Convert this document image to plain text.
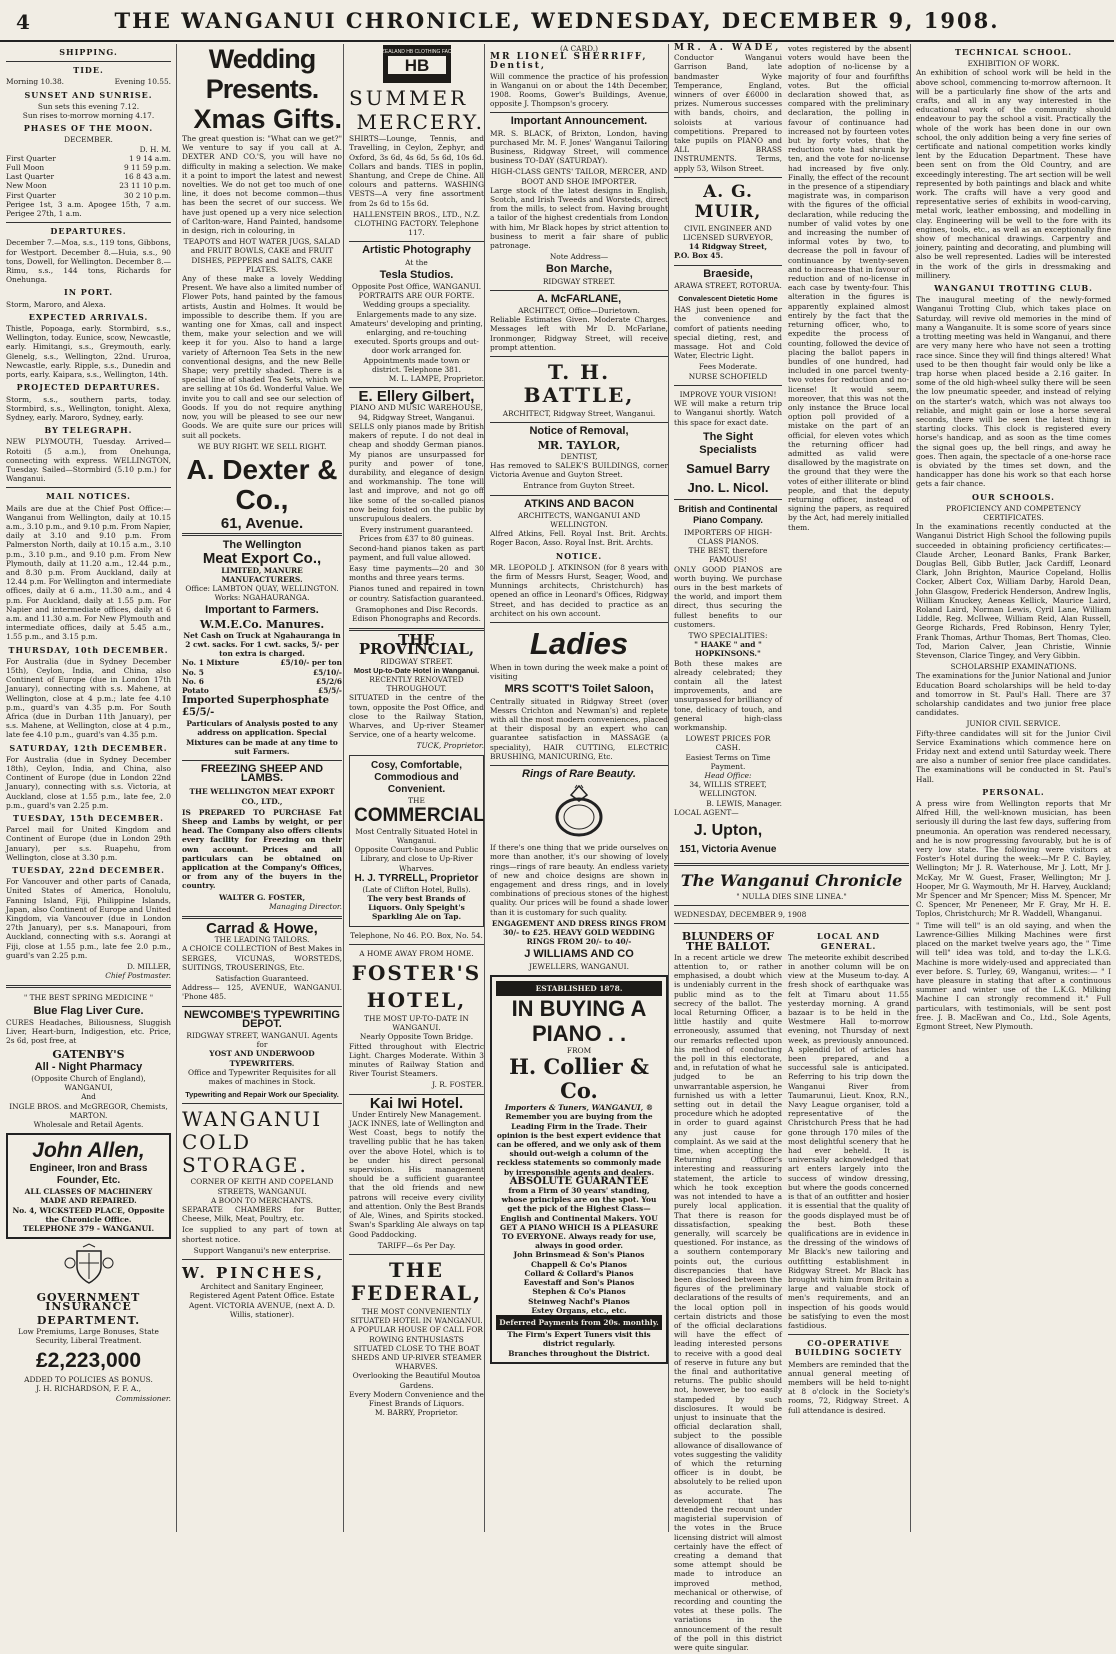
4	THE WANGANUI CHRONICLE, WEDNESDAY, DECEMBER 9, 1908.
SHIPPING.
TIDE.
Morning 10.38.	Evening 10.55.
SUNSET AND SUNRISE.
Sun sets this evening 7.12.
Sun rises to-morrow morning 4.17.
PHASES OF THE MOON.
DECEMBER.
D. H. M.
First Quarter	1 9 14 a.m.
Full Moon	9 11 59 p.m.
Last Quarter	16 8 43 a.m.
New Moon	23 11 10 p.m.
First Quarter	30 2 10 p.m.
Perigee 1st, 3 a.m. Apogee 15th, 7 a.m. Perigee 27th, 1 a.m.
DEPARTURES.
December 7.—Moa, s.s., 119 tons, Gibbons, for Westport. December 8.—Huia, s.s., 90 tons, Dowell, for Wellington. December 8.—Rimu, s.s., 144 tons, Richards for Onehunga.
IN PORT.
Storm, Maroro, and Alexa.
EXPECTED ARRIVALS.
Thistle, Popoaga, early. Stormbird, s.s., Wellington, today. Eunice, scow, Newcastle, early. Himitangi, s.s., Greymouth, early. Glenelg, s.s., Wellington, 22nd. Ururoa, Newcastle, early. Ripple, s.s., Dunedin and ports, early. Kaipara, s.s., Wellington, 14th.
PROJECTED DEPARTURES.
Storm, s.s., southern parts, today. Stormbird, s.s., Wellington, tonight. Alexa, Sydney, early. Maroro, Sydney, early.
BY TELEGRAPH.
NEW PLYMOUTH, Tuesday. Arrived—Rotoiti (5 a.m.), from Onehunga, connecting with express. WELLINGTON, Tuesday. Sailed—Stormbird (5.10 p.m.) for Wanganui.
MAIL NOTICES.
Mails are due at the Chief Post Office:— Wanganui from Wellington, daily at 10.15 a.m., 3.10 p.m., and 9.10 p.m. From Napier, daily at 3.10 and 9.10 p.m. From Palmerston North, daily at 10.15 a.m., 3.10 p.m., 3.10 p.m., and 9.10 p.m. From New Plymouth, daily at 11.20 a.m., 12.44 p.m., and 8.30 p.m. From Auckland, daily at 12.44 p.m. For Wellington and intermediate offices, daily at 6 a.m., 11.30 a.m., and 4 p.m. For Auckland, daily at 1.55 p.m. For Napier and intermediate offices, daily at 6 a.m. and 11.30 a.m. For New Plymouth and intermediate offices, daily at 5.45 a.m., 1.55 p.m., and 3.15 p.m.
THURSDAY, 10th DECEMBER.
For Australia (due in Sydney December 15th), Ceylon, India, and China, also Continent of Europe (due in London 17th January), connecting with s.s. Mahene, at Wellington, close at 4 p.m.; late fee 4.10 p.m., guard's van 4.35 p.m. For South Africa (due in Durban 11th January), per s.s. Mahene, at Wellington, close at 4 p.m., late fee 4.10 p.m., guard's van 4.35 p.m.
SATURDAY, 12th DECEMBER.
For Australia (due in Sydney December 18th), Ceylon, India, and China, also Continent of Europe (due in London 22nd January), connecting with s.s. Victoria, at Auckland, close at 1.55 p.m., late fee, 2.0 p.m., guard's van 2.25 p.m.
TUESDAY, 15th DECEMBER.
Parcel mail for United Kingdom and Continent of Europe (due in London 29th January), per s.s. Ruapehu, from Wellington, close at 3.30 p.m.
TUESDAY, 22nd DECEMBER.
For Vancouver and other parts of Canada, United States of America, Honolulu, Fanning Island, Fiji, Philippine Islands, Japan, also Continent of Europe and United Kingdom, via Vancouver (due in London 27th January), per s.s. Manapouri, from Auckland, connecting with s.s. Aorangi at Fiji, close at 1.55 p.m., late fee 2.0 p.m., guard's van 2.25 p.m.
D. MILLER,
Chief Postmaster.
" THE BEST SPRING MEDICINE "
Blue Flag Liver Cure.
CURES Headaches, Biliousness, Sluggish Liver, Heart-burn, Indigestion, etc. Price, 2s 6d, post free, at
GATENBY'S
All - Night Pharmacy
(Opposite Church of England), WANGANUI,
And
INGLE BROS. and McGREGOR, Chemists, MARTON.
Wholesale and Retail Agents.
John Allen,
Engineer, Iron and Brass Founder, Etc.
ALL CLASSES OF MACHINERY MADE AND REPAIRED.
No. 4, WICKSTEED PLACE, Opposite the Chronicle Office.
TELEPHONE 379 - WANGANUI.
GOVERNMENT INSURANCE
DEPARTMENT.
Low Premiums, Large Bonuses, State Security, Liberal Treatment.
£2,223,000
ADDED TO POLICIES AS BONUS.
J. H. RICHARDSON, F. F. A.,
Commissioner.
Wedding Presents.
Xmas Gifts.
The great question is: "What can we get?" We venture to say if you call at A. DEXTER AND CO.'S, you will have no difficulty in making a selection. We make it a point to import the latest and newest novelties. We do not get too much of one line, it does not become common—thus has been the secret of our success. We have just opened up a very nice selection of Carlton-ware, Hand Painted, handsome in design, rich in colouring, in
TEAPOTS and HOT WATER JUGS, SALAD and FRUIT BOWLS, CAKE and FRUIT DISHES, PEPPERS and SALTS, CAKE PLATES.
Any of these make a lovely Wedding Present. We have also a limited number of Flower Pots, hand painted by the famous artists, Austin and Holmes. It would be impossible to describe them. If you are wanting one for Xmas, call and inspect them, make your selection and we will keep it for you. Also to hand a large variety of Afternoon Tea Sets in the new conventional designs, and the new Belle Shape; very prettily shaded. There is a special line of shaded Tea Sets, which we are selling at 10s 6d. Wonderful Value. We invite you to call and see our selection of Goods. If you do not require anything now, you will be pleased to see our new Goods. We are quite sure our prices will suit all pockets.
WE BUY RIGHT. WE SELL RIGHT.
A. Dexter & Co.,
61, Avenue.
The Wellington
Meat Export Co.,
LIMITED, MANURE MANUFACTURERS.
Office: LAMBTON QUAY, WELLINGTON. Works: NGAHAURANGA.
Important to Farmers.
W.M.E.Co. Manures.
Net Cash on Truck at Ngahauranga in 2 cwt. sacks. For 1 cwt. sacks, 5/- per ton extra is charged.
No. 1 Mixture	£5/10/- per ton
No. 5	£5/10/-
No. 6	£5/2/6
Potato	£5/5/-
Imported Superphosphate £5/5/-
Particulars of Analysis posted to any address on application. Special Mixtures can be made at any time to suit Farmers.
FREEZING SHEEP AND LAMBS.
THE WELLINGTON MEAT EXPORT CO., LTD.,
IS PREPARED TO PURCHASE Fat Sheep and Lambs by weight, or per head. The Company also offers clients every facility for Freezing on their own account. Prices and all particulars can be obtained on application at the Company's Offices, or from any of the buyers in the country.
WALTER G. FOSTER,
Managing Director.
Carrad & Howe,
THE LEADING TAILORS.
A CHOICE COLLECTION of Best Makes in SERGES, VICUNAS, WORSTEDS, SUITINGS, TROUSERINGS, Etc.
Satisfaction Guaranteed.
Address— 125, AVENUE, WANGANUI. 'Phone 485.
NEWCOMBE'S TYPEWRITING DEPOT.
RIDGWAY STREET, WANGANUI. Agents for
YOST AND UNDERWOOD TYPEWRITERS.
Office and Typewriter Requisites for all makes of machines in Stock.
Typewriting and Repair Work our Speciality.
WANGANUI
COLD
STORAGE.
CORNER OF KEITH AND COPELAND STREETS, WANGANUI.
A BOON TO MERCHANTS.
SEPARATE CHAMBERS for Butter, Cheese, Milk, Meat, Poultry, etc.
Ice supplied to any part of town at shortest notice.
Support Wanganui's new enterprise.
W. PINCHES,
Architect and Sanitary Engineer, Registered Agent Patent Office. Estate Agent. VICTORIA AVENUE, (next A. D. Willis, stationer).
HB
NEW ZEALAND HB CLOTHING FACTORY
SUMMER
MERCERY.
SHIRTS—Lounge, Tennis, and Travelling, in Ceylon, Zephyr, and Oxford, 3s 6d, 4s 6d, 5s 6d, 10s 6d. Collars and bands. TIES in poplin, Shantung, and Crepe de Chine. All colours and patterns. WASHING VESTS—A very fine assortment from 2s 6d to 15s 6d.
HALLENSTEIN BROS., LTD., N.Z. CLOTHING FACTORY. Telephone 117.
Artistic Photography
At the
Tesla Studios.
Opposite Post Office, WANGANUI. PORTRAITS ARE OUR FORTE. Wedding groups a speciality. Enlargements made to any size. Amateurs' developing and printing, enlarging, and re-touching executed. Sports groups and out-door work arranged for. Appointments made town or district. Telephone 381.
M. L. LAMPE, Proprietor.
E. Ellery Gilbert,
PIANO AND MUSIC WAREHOUSE,
94, Ridgway Street, Wanganui.
SELLS only pianos made by British makers of repute. I do not deal in cheap and shoddy German pianos. My pianos are unsurpassed for purity and power of tone, durability, and elegance of design and workmanship. The tone will last and improve, and not go off like some of the so-called pianos now being foisted on the public by unscrupulous dealers.
Every instrument guaranteed.
Prices from £37 to 80 guineas.
Second-hand pianos taken as part payment, and full value allowed.
Easy time payments—20 and 30 months and three years terms.
Pianos tuned and repaired in town or country. Satisfaction guaranteed.
Gramophones and Disc Records. Edison Phonographs and Records.
THE PROVINCIAL,
RIDGWAY STREET.
Most Up-to-Date Hotel in Wanganui.
RECENTLY RENOVATED THROUGHOUT.
SITUATED in the centre of the town, opposite the Post Office, and close to the Railway Station, Wharves, and Up-river Steamer Service, one of a hearty welcome.
TUCK, Proprietor.
Cosy, Comfortable, Commodious and Convenient.
THE
COMMERCIAL
Most Centrally Situated Hotel in Wanganui.
Opposite Court-house and Public Library, and close to Up-River Wharves.
H. J. TYRRELL, Proprietor
(Late of Clifton Hotel, Bulls).
The very best Brands of Liquors. Only Speight's Sparkling Ale on Tap.
Telephone, No 46. P.O. Box, No. 54.
A HOME AWAY FROM HOME.
FOSTER'S
HOTEL,
THE MOST UP-TO-DATE IN WANGANUI.
Nearly Opposite Town Bridge.
Fitted throughout with Electric Light. Charges Moderate. Within 3 minutes of Railway Station and River Tourist Steamers.
J. R. FOSTER.
Kai Iwi Hotel.
Under Entirely New Management.
JACK INNES, late of Wellington and West Coast, begs to notify the travelling public that he has taken over the above Hotel, which is to be under his direct personal supervision. His management should be a sufficient guarantee that the old friends and new patrons will receive every civility and attention. Only the Best Brands of Ale, Wines, and Spirits stocked. Swan's Sparkling Ale always on tap Good Paddocking.
TARIFF—6s Per Day.
THE FEDERAL,
THE MOST CONVENIENTLY SITUATED HOTEL IN WANGANUI.
A POPULAR HOUSE OF CALL FOR ROWING ENTHUSIASTS
SITUATED CLOSE TO THE BOAT SHEDS AND UP-RIVER STEAMER WHARVES.
Overlooking the Beautiful Moutoa Gardens.
Every Modern Convenience and the Finest Brands of Liquors.
M. BARRY, Proprietor.
(A CARD.)
MR LIONEL SHERRIFF, Dentist,
Will commence the practice of his profession in Wanganui on or about the 14th December, 1908. Rooms, Gower's Buildings, Avenue, opposite J. Thompson's grocery.
Important Announcement.
MR. S. BLACK, of Brixton, London, having purchased Mr. M. F. Jones' Wanganui Tailoring Business, Ridgway Street, will commence business TO-DAY (SATURDAY).
HIGH-CLASS GENTS' TAILOR, MERCER, AND BOOT AND SHOE IMPORTER.
Large stock of the latest designs in English, Scotch, and Irish Tweeds and Worsteds, direct from the mills, to select from. Having brought a tailor of the highest credentials from London with him, Mr Black hopes by strict attention to business to merit a fair share of public patronage.
Note Address—
Bon Marche,
RIDGWAY STREET.
A. McFARLANE,
ARCHITECT, Office—Durietown.
Reliable Estimates Given. Moderate Charges. Messages left with Mr D. McFarlane, Ironmonger, Ridgway Street, will receive prompt attention.
T. H. BATTLE,
ARCHITECT, Ridgway Street, Wanganui.
Notice of Removal,
MR. TAYLOR,
DENTIST,
Has removed to SALEK'S BUILDINGS, corner Victoria Avenue and Guyton Street.
Entrance from Guyton Street.
ATKINS AND BACON
ARCHITECTS, WANGANUI AND WELLINGTON.
Alfred Atkins, Fell. Royal Inst. Brit. Archts. Roger Bacon, Asso. Royal Inst. Brit. Archts.
NOTICE.
MR. LEOPOLD J. ATKINSON (for 8 years with the firm of Messrs Hurst, Seager, Wood, and Munnings architects, Christchurch) has opened an office in Leonard's Offices, Ridgway Street, and has decided to practice as an architect on his own account.
Ladies
When in town during the week make a point of visiting
MRS SCOTT'S Toilet Saloon,
Centrally situated in Ridgway Street (over Messrs Crichton and Newman's) and replete with all the most modern conveniences, placed at their disposal by an expert who can guarantee satisfaction in MASSAGE (a speciality), HAIR CUTTING, ELECTRIC BRUSHING, MANICURING, Etc.
Rings of Rare Beauty.
If there's one thing that we pride ourselves on more than another, it's our showing of lovely rings—rings of rare beauty. An endless variety of new and choice designs are shown in engagement and dress rings, and in lovely combinations of precious stones of the highest quality. Our prices will be found a shade lower than it is customary for such quality.
ENGAGEMENT AND DRESS RINGS FROM 30/- to £25. HEAVY GOLD WEDDING RINGS FROM 20/- to 40/-
J WILLIAMS AND CO
JEWELLERS, WANGANUI.
ESTABLISHED 1878.
IN BUYING A PIANO . .
FROM
H. Collier & Co.
Importers & Tuners, WANGANUI, ®
Remember you are buying from the Leading Firm in the Trade. Their opinion is the best expert evidence that can be offered, and we only ask of them should out-weigh a column of the reckless statements so commonly made by irresponsible agents and dealers.
ABSOLUTE GUARANTEE
from a Firm of 30 years' standing, whose principles are on the spot. You get the pick of the Highest Class—English and Continental Makers. YOU GET A PIANO WHICH IS A PLEASURE TO EVERYONE. Always ready for use, always in good order.
John Brinsmead & Son's Pianos
Chappell & Co's Pianos
Collard & Collard's Pianos
Eavestaff and Son's Pianos
Stephen & Co's Pianos
Steinweg Nachf's Pianos
Estey Organs, etc., etc.
Deferred Payments from 20s. monthly.
The Firm's Expert Tuners visit this district regularly.
Branches throughout the District.
MR. A. WADE,
Conductor Wanganui Garrison Band, late bandmaster Wyke Temperance, England, winners of over £6000 in prizes. Numerous successes with bands, choirs, and soloists at various competitions. Prepared to take pupils on PIANO and ALL BRASS INSTRUMENTS. Terms, apply 53, Wilson Street.
A. G. MUIR,
CIVIL ENGINEER AND LICENSED SURVEYOR,
14 Ridgway Street,
P.O. Box 45.
Braeside,
ARAWA STREET, ROTORUA.
Convalescent Dietetic Home
HAS just been opened for the convenience and comfort of patients needing special dieting, rest, and massage. Hot and Cold Water, Electric Light.
Fees Moderate.
NURSE SCHOFIELD
IMPROVE YOUR VISION!
WE will make a return trip to Wanganui shortly. Watch this space for exact date.
The Sight Specialists
Samuel Barry
Jno. L. Nicol.
British and Continental Piano Company.
IMPORTERS OF HIGH-CLASS PIANOS.
THE BEST, therefore FAMOUS!
ONLY GOOD PIANOS are worth buying. We purchase ours in the best markets of the world, and import them direct, thus securing the fullest benefits to our customers.
TWO SPECIALITIES:
" HAAKE " and " HOPKINSONS."
Both these makes are already celebrated; they contain all the latest improvements, and are unsurpassed for brilliancy of tone, delicacy of touch, and general high-class workmanship.
LOWEST PRICES FOR CASH.
Easiest Terms on Time Payment.
Head Office:
34, WILLIS STREET, WELLINGTON.
B. LEWIS, Manager.
LOCAL AGENT—
J. Upton,
151, Victoria Avenue
votes registered by the absent voters would have been the adoption of no-license by a majority of four and fourfifths votes. But the official declaration showed that, as compared with the preliminary declaration, the polling in favour of continuance had increased not by fourteen votes but by forty votes, that the reduction vote had shrunk by ten, and the vote for no-license had increased by five only. Finally, the effect of the recount in the presence of a stipendiary magistrate was, in comparison with the figures of the official declaration, while reducing the number of valid votes by one and increasing the number of informal votes by two, to decrease the poll in favour of continuance by twenty-seven and to increase that in favour of reduction and of no-license in each case by twenty-four. This alteration in the figures is apparently explained almost entirely by the fact that the returning officer, who, to expedite the process of counting, followed the device of placing the ballot papers in bundles of one hundred, had included in one parcel twenty-two votes for reduction and no-license! It would seem, moreover, that this was not the only instance the Bruce local option poll provided of a mistake on the part of an official, for eleven votes which the returning officer had admitted as valid were disallowed by the magistrate on the ground that they were the votes of either illiterate or blind people, and that the deputy returning officer, instead of signing the papers, as required by the Act, had merely initialled them.
The Wanganui Chronicle
" NULLA DIES SINE LINEA."
WEDNESDAY, DECEMBER 9, 1908
BLUNDERS OF THE BALLOT.
In a recent article we drew attention to, or rather emphasised, a doubt which is undeniably current in the public mind as to the secrecy of the ballot. The local Returning Officer, a little hastily and quite erroneously, assumed that our remarks reflected upon his method of conducting the poll in this electorate, and, in refutation of what he judged to be an unwarrantable aspersion, he furnished us with a letter setting out in detail the procedure which he adopted in order to guard against any just cause for complaint. As we said at the time, when accepting the Returning Officer's interesting and reassuring statement, the article to which he took exception was not intended to have a purely local application. That there is reason for dissatisfaction, speaking generally, will scarcely be questioned. For instance, as a southern contemporary points out, the curious discrepancies that have been disclosed between the figures of the preliminary declarations of the results of the local option poll in certain districts and those of the official declarations will have the effect of leading interested persons to receive with a good deal of reserve in future any but the final and authoritative returns. The public should not, however, be too easily stampeded by such disclosures. It would be unjust to insinuate that the official declaration shall, subject to the possible allowance of disallowance of votes suggesting the validity of which the returning officer is in doubt, be absolutely to be relied upon as accurate. The development that has attended the recount under magisterial supervision of the votes in the Bruce licensing district will almost certainly have the effect of creating a demand that some attempt should be made to introduce an improved method, mechanical or otherwise, of recording and counting the votes at these polls. The variations in the announcement of the result of the poll in this district were quite singular.
LOCAL AND GENERAL.
The meteorite exhibit described in another column will be on view at the Museum to-day. A fresh shock of earthquake was felt at Timaru about 11.55 yesterday morning. A grand bazaar is to be held in the Westmere Hall to-morrow evening, not Thursday of next week, as previously announced. A splendid lot of articles has been prepared, and a successful sale is anticipated. Referring to his trip down the Wanganui River from Taumarunui, Lieut. Knox, R.N., Navy League organiser, told a representative of the Christchurch Press that he had gone through 170 miles of the most delightful scenery that he had ever beheld. It is universally acknowledged that art enters largely into the success of window dressing, but where the goods concerned is that of an outfitter and hosier it is essential that the quality of the goods displayed must be of the best. Both these qualifications are in evidence in the dressing of the windows of Mr Black's new tailoring and outfitting establishment in Ridgway Street. Mr Black has brought with him from Britain a large and valuable stock of men's requirements, and an inspection of his goods would be satisfying to even the most fastidious.
CO-OPERATIVE BUILDING SOCIETY
Members are reminded that the annual general meeting of members will be held to-night at 8 o'clock in the Society's rooms, 72, Ridgway Street. A full attendance is desired.
TECHNICAL SCHOOL.
EXHIBITION OF WORK.
An exhibition of school work will be held in the above school, commencing to-morrow afternoon. It will be a particularly fine show of the arts and crafts, and all in any way interested in the educational work of the community should endeavour to pay the school a visit. Practically the whole of the work has been done in our own school, the only addition being a very fine series of certificate and national competition works kindly lent by the Education Department. These have been sent on from the Old Country, and are exceedingly interesting. The art section will be well represented by both paintings and black and white work. The crafts will have a very good and representative series of exhibits in wood-carving, metal work, leather embossing, and modelling in clay. Engineering will be well to the fore with its engines, tools, etc., as well as an exceptionally fine show of mechanical drawings. Carpentry and joinery, painting and decorating, and plumbing will also be well represented. Ladies will be interested in the work of the girls in dressmaking and millinery.
WANGANUI TROTTING CLUB.
The inaugural meeting of the newly-formed Wanganui Trotting Club, which takes place on Saturday, will revive old memories in the mind of many a Wanganuite. It is some score of years since a trotting meeting was held in Wanganui, and there are very many here who have not seen a trotting race since. Since they will find things altered! What used to be then thought fair would only be like a trap horse when placed beside a 2.16 gaiter. In some of the old high-wheel sulky there will be seen the low pneumatic speeder, and instead of relying on the starter's watch, which was not always too reliable, and might gain or lose a horse several seconds, there will be seen the latest thing in starting clocks. This clock is registered every horse's handicap, and as soon as the time comes the signal goes up, the bell rings, and away he goes. Then again, the spectacle of a one-horse race is obviated by the times set down, and the handicapper has done his work so that each horse gets a fair chance.
OUR SCHOOLS.
PROFICIENCY AND COMPETENCY CERTIFICATES.
In the examinations recently conducted at the Wanganui District High School the following pupils succeeded in obtaining proficiency certificates:— Claude Archer, Leonard Banks, Frank Barker, Douglas Bell, Gibb Butler, Jack Cardiff, Leonard Clark, John Brighton, Maurice Copeland, Hollis Cocker, Albert Cox, William Darby, Harold Dean, John Glasgow, Frederick Henderson, Andrew Inglis, William Knuckey, Aeneas Kellick, Maurice Laird, Roland Laird, Norman Lewis, Cyril Lane, William Liddle, Reg. McIlwee, William Reid, Alan Russell, George Richards, Fred Robinson, Henry Tyler, Frank Thomas, Arthur Thomas, Bert Thomas, Cleo. Tod, Marion Calver, Jean Christie, Winnie Stevenson, Clarice Tingey, and Very Gibbin.
SCHOLARSHIP EXAMINATIONS.
The examinations for the Junior National and Junior Education Board scholarships will be held to-day and tomorrow in St. Paul's Hall. There are 37 scholarship candidates and two junior free place candidates.
JUNIOR CIVIL SERVICE.
Fifty-three candidates will sit for the Junior Civil Service Examinations which commence here on Friday next and extend until Saturday week. There are also a number of senior free place candidates. The examinations will be conducted in St. Paul's Hall.
PERSONAL.
A press wire from Wellington reports that Mr Alfred Hill, the well-known musician, has been seriously ill during the last few days, suffering from pneumonia. An operation was rendered necessary, and he is now progressing favourably, but he is of very low state. The following were visitors at Foster's Hotel during the week:—Mr P. C. Bayley, Wellington; Mr J. R. Waterhouse, Mr J. Lott, Mr J. McKay, Mr W. Guest, Fraser, Wellington; Mr J. Hooper, Mr G. Waymouth, Mr H. Harvey, Auckland; Mr Spencer and Mr Spencer; Miss M. Spencer, Mr C. Spencer, Mr Peneneer, Mr F. Gray, Mr H. E. Toplos, Christchurch; Mr R. Waddell, Whanganui.
" Time will tell" is an old saying, and when the Lawrence-Gillies Milking Machines were first placed on the market twelve years ago, the " Time will tell" idea was told, and to-day the L.K.G. Machine is more widely-used and appreciated than ever before. S. Turley, 69, Wanganui, writes:— " I have pleasure in stating that after a continuous summer and winter use of the L.K.G. Milking Machine I can strongly recommend it." Full particulars, with testimonials, will be sent post free. J. B. MacEwan and Co., Ltd., Sole Agents, Egmont Street, New Plymouth.
